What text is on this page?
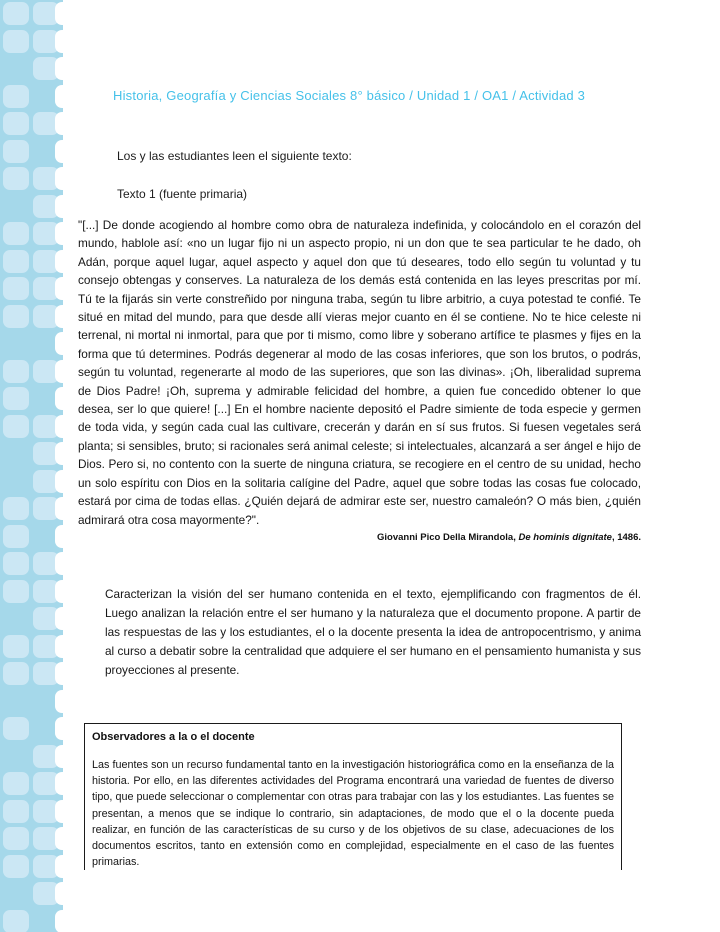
Historia, Geografía y Ciencias Sociales 8° básico / Unidad 1 / OA1 / Actividad 3
Los y las estudiantes leen el siguiente texto:
Texto 1 (fuente primaria)
"[...] De donde acogiendo al hombre como obra de naturaleza indefinida, y colocándolo en el corazón del mundo, hablole así: «no un lugar fijo ni un aspecto propio, ni un don que te sea particular te he dado, oh Adán, porque aquel lugar, aquel aspecto y aquel don que tú deseares, todo ello según tu voluntad y tu consejo obtengas y conserves. La naturaleza de los demás está contenida en las leyes prescritas por mí. Tú te la fijarás sin verte constreñido por ninguna traba, según tu libre arbitrio, a cuya potestad te confié. Te situé en mitad del mundo, para que desde allí vieras mejor cuanto en él se contiene. No te hice celeste ni terrenal, ni mortal ni inmortal, para que por ti mismo, como libre y soberano artífice te plasmes y fijes en la forma que tú determines. Podrás degenerar al modo de las cosas inferiores, que son los brutos, o podrás, según tu voluntad, regenerarte al modo de las superiores, que son las divinas». ¡Oh, liberalidad suprema de Dios Padre! ¡Oh, suprema y admirable felicidad del hombre, a quien fue concedido obtener lo que desea, ser lo que quiere! [...] En el hombre naciente depositó el Padre simiente de toda especie y germen de toda vida, y según cada cual las cultivare, crecerán y darán en sí sus frutos. Si fuesen vegetales será planta; si sensibles, bruto; si racionales será animal celeste; si intelectuales, alcanzará a ser ángel e hijo de Dios. Pero si, no contento con la suerte de ninguna criatura, se recogiere en el centro de su unidad, hecho un solo espíritu con Dios en la solitaria calígine del Padre, aquel que sobre todas las cosas fue colocado, estará por cima de todas ellas. ¿Quién dejará de admirar este ser, nuestro camaleón? O más bien, ¿quién admirará otra cosa mayormente?".
Giovanni Pico Della Mirandola, De hominis dignitate, 1486.
Caracterizan la visión del ser humano contenida en el texto, ejemplificando con fragmentos de él. Luego analizan la relación entre el ser humano y la naturaleza que el documento propone. A partir de las respuestas de las y los estudiantes, el o la docente presenta la idea de antropocentrismo, y anima al curso a debatir sobre la centralidad que adquiere el ser humano en el pensamiento humanista y sus proyecciones al presente.
Observadores a la o el docente
Las fuentes son un recurso fundamental tanto en la investigación historiográfica como en la enseñanza de la historia. Por ello, en las diferentes actividades del Programa encontrará una variedad de fuentes de diverso tipo, que puede seleccionar o complementar con otras para trabajar con las y los estudiantes. Las fuentes se presentan, a menos que se indique lo contrario, sin adaptaciones, de modo que el o la docente pueda realizar, en función de las características de su curso y de los objetivos de su clase, adecuaciones de los documentos escritos, tanto en extensión como en complejidad, especialmente en el caso de las fuentes primarias.
